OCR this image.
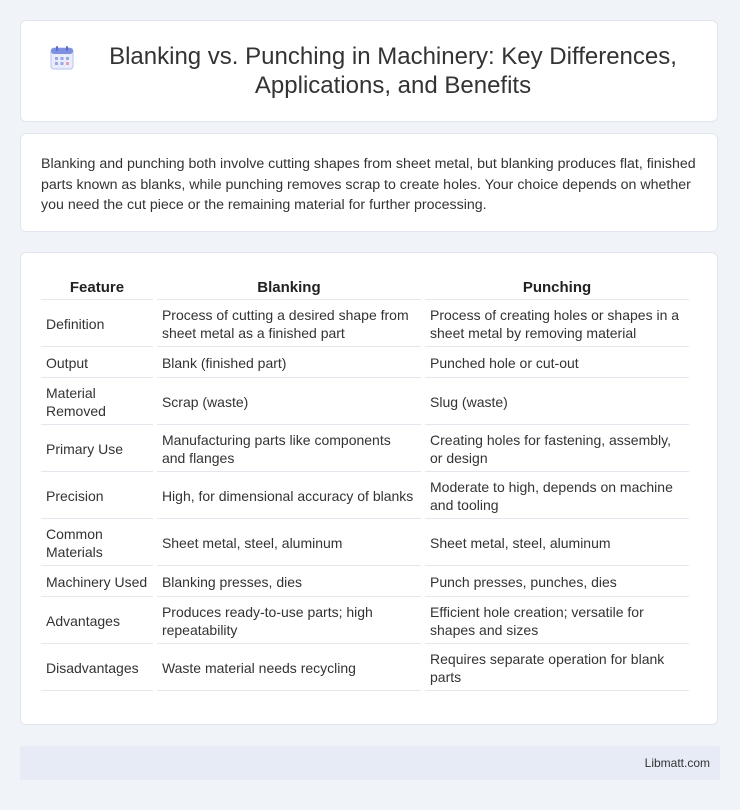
Blanking vs. Punching in Machinery: Key Differences, Applications, and Benefits

Blanking and punching both involve cutting shapes from sheet metal, but blanking produces flat, finished parts known as blanks, while punching removes scrap to create holes. Your choice depends on whether you need the cut piece or the remaining material for further processing.

Feature	Blanking	Punching
Definition	Process of cutting a desired shape from sheet metal as a finished part	Process of creating holes or shapes in a sheet metal by removing material
Output	Blank (finished part)	Punched hole or cut-out
Material Removed	Scrap (waste)	Slug (waste)
Primary Use	Manufacturing parts like components and flanges	Creating holes for fastening, assembly, or design
Precision	High, for dimensional accuracy of blanks	Moderate to high, depends on machine and tooling
Common Materials	Sheet metal, steel, aluminum	Sheet metal, steel, aluminum
Machinery Used	Blanking presses, dies	Punch presses, punches, dies
Advantages	Produces ready-to-use parts; high repeatability	Efficient hole creation; versatile for shapes and sizes
Disadvantages	Waste material needs recycling	Requires separate operation for blank parts
Libmatt.com
